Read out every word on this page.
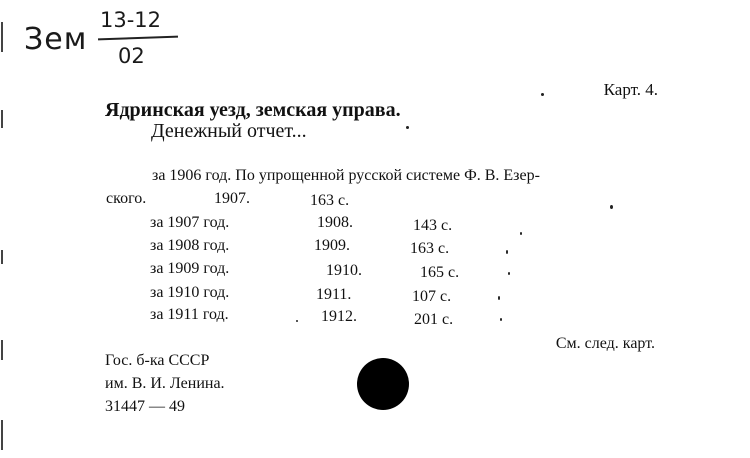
Зем
13-12
02
Карт. 4.
Ядринская уезд, земская управа.
Денежный отчет...
за 1906 год. По упрощенной русской системе Ф. В. Езер-
ского.	1907.	163 с.
за 1907 год.	1908.	143 с.
за 1908 год.	1909.	163 с.
за 1909 год.	1910.	165 с.
за 1910 год.	1911.	107 с.
за 1911 год.	1912.	201 с.
См. след. карт.
Гос. б-ка СССР
им. В. И. Ленина.
31447 — 49
